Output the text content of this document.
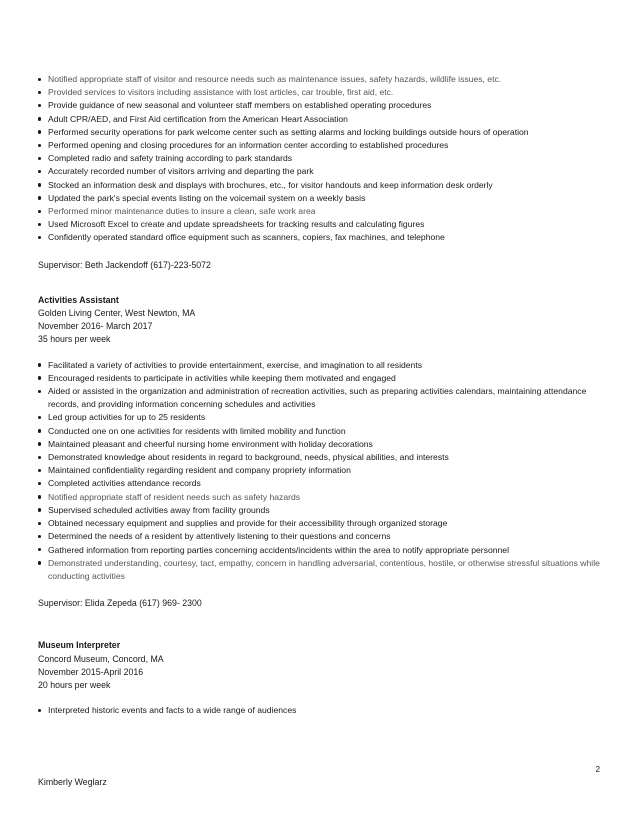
Notified appropriate staff of visitor and resource needs such as maintenance issues, safety hazards, wildlife issues, etc.
Provided services to visitors including assistance with lost articles, car trouble, first aid, etc.
Provide guidance of new seasonal and volunteer staff members on established operating procedures
Adult CPR/AED, and First Aid certification from the American Heart Association
Performed security operations for park welcome center such as setting alarms and locking buildings outside hours of operation
Performed opening and closing procedures for an information center according to established procedures
Completed radio and safety training according to park standards
Accurately recorded number of visitors arriving and departing the park
Stocked an information desk and displays with brochures, etc., for visitor handouts and keep information desk orderly
Updated the park's special events listing on the voicemail system on a weekly basis
Performed minor maintenance duties to insure a clean, safe work area
Used Microsoft Excel to create and update spreadsheets for tracking results and calculating figures
Confidently operated standard office equipment such as scanners, copiers, fax machines, and telephone

Supervisor: Beth Jackendoff (617)-223-5072

Activities Assistant

Golden Living Center, West Newton, MA

November 2016- March 2017

35 hours per week

Facilitated a variety of activities to provide entertainment, exercise, and imagination to all residents
Encouraged residents to participate in activities while keeping them motivated and engaged
Aided or assisted in the organization and administration of recreation activities, such as preparing activities calendars, maintaining attendance records, and providing information concerning schedules and activities
Led group activities for up to 25 residents
Conducted one on one activities for residents with limited mobility and function
Maintained pleasant and cheerful nursing home environment with holiday decorations
Demonstrated knowledge about residents in regard to background, needs, physical abilities, and interests
Maintained confidentiality regarding resident and company propriety information
Completed activities attendance records
Notified appropriate staff of resident needs such as safety hazards
Supervised scheduled activities away from facility grounds
Obtained necessary equipment and supplies and provide for their accessibility through organized storage
Determined the needs of a resident by attentively listening to their questions and concerns
Gathered information from reporting parties concerning accidents/incidents within the area to notify appropriate personnel
Demonstrated understanding, courtesy, tact, empathy, concern in handling adversarial, contentious, hostile, or otherwise stressful situations while conducting activities

Supervisor: Elida Zepeda (617) 969- 2300

Museum Interpreter

Concord Museum, Concord, MA

November 2015-April 2016

20 hours per week

Interpreted historic events and facts to a wide range of audiences
2
Kimberly Weglarz
